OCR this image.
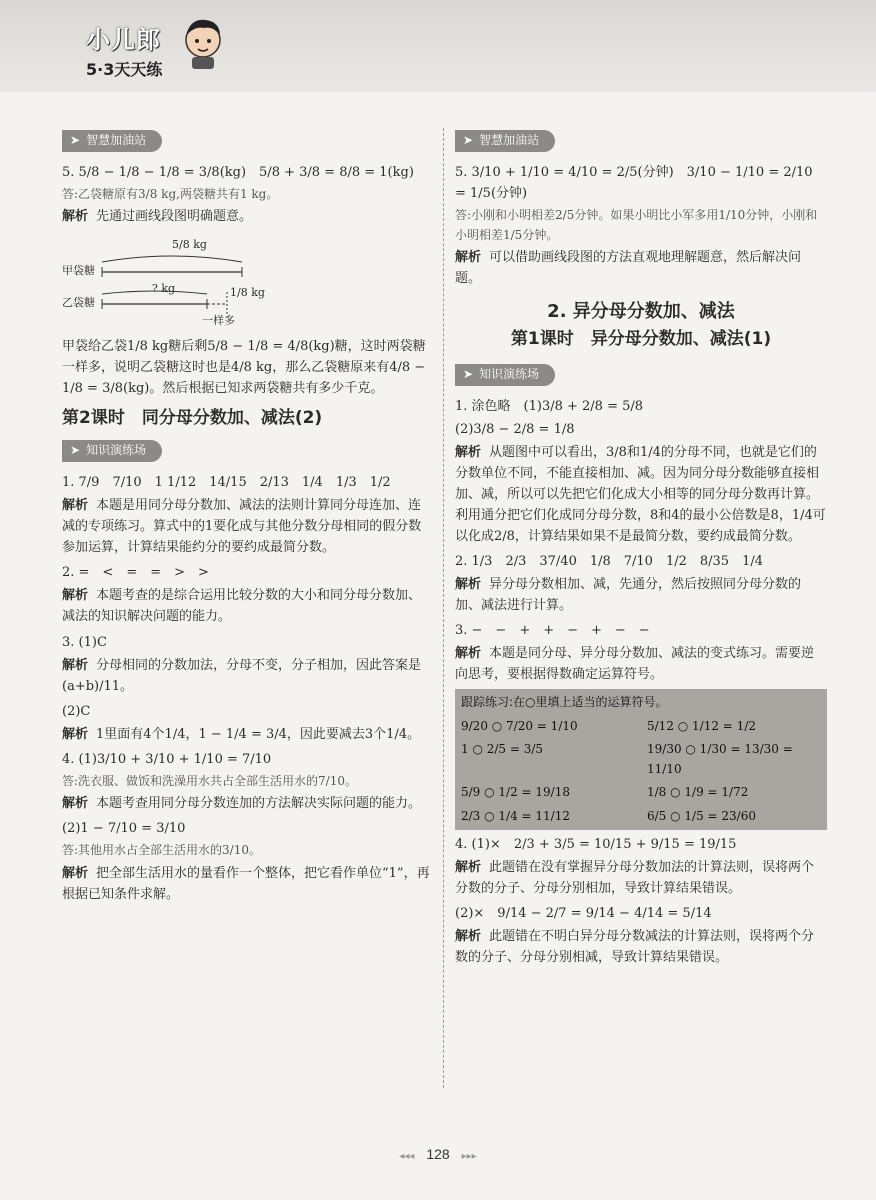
小儿郎
5·3天天练
➤ 智慧加油站
5. 5/8 − 1/8 − 1/8 = 3/8(kg)　5/8 + 3/8 = 8/8 = 1(kg)
答:乙袋糖原有3/8 kg,两袋糖共有1 kg。
解析 先通过画线段图明确题意。
5/8 kg
甲袋糖
乙袋糖
? kg	1/8 kg
一样多
甲袋给乙袋1/8 kg糖后剩5/8 − 1/8 = 4/8(kg)糖，这时两袋糖一样多，说明乙袋糖这时也是4/8 kg，那么乙袋糖原来有4/8 − 1/8 = 3/8(kg)。然后根据已知求两袋糖共有多少千克。
第2课时　同分母分数加、减法(2)
➤ 知识演练场
1. 7/9　7/10　1 1/12　14/15　2/13　1/4　1/3　1/2
解析 本题是用同分母分数加、减法的法则计算同分母连加、连减的专项练习。算式中的1要化成与其他分数分母相同的假分数参加运算，计算结果能约分的要约成最简分数。
2. =　<　=　=　>　>
解析 本题考查的是综合运用比较分数的大小和同分母分数加、减法的知识解决问题的能力。
3. (1)C
解析 分母相同的分数加法，分母不变，分子相加，因此答案是(a+b)/11。
(2)C
解析 1里面有4个1/4，1 − 1/4 = 3/4，因此要减去3个1/4。
4. (1)3/10 + 3/10 + 1/10 = 7/10
答:洗衣服、做饭和洗澡用水共占全部生活用水的7/10。
解析 本题考查用同分母分数连加的方法解决实际问题的能力。
(2)1 − 7/10 = 3/10
答:其他用水占全部生活用水的3/10。
解析 把全部生活用水的量看作一个整体，把它看作单位“1”，再根据已知条件求解。
➤ 智慧加油站
5. 3/10 + 1/10 = 4/10 = 2/5(分钟)　3/10 − 1/10 = 2/10 = 1/5(分钟)
答:小刚和小明相差2/5分钟。如果小明比小军多用1/10分钟，小刚和小明相差1/5分钟。
解析 可以借助画线段图的方法直观地理解题意，然后解决问题。
2. 异分母分数加、减法
第1课时　异分母分数加、减法(1)
➤ 知识演练场
1. 涂色略　(1)3/8 + 2/8 = 5/8
(2)3/8 − 2/8 = 1/8
解析 从题图中可以看出，3/8和1/4的分母不同，也就是它们的分数单位不同，不能直接相加、减。因为同分母分数能够直接相加、减，所以可以先把它们化成大小相等的同分母分数再计算。利用通分把它们化成同分母分数，8和4的最小公倍数是8，1/4可以化成2/8，计算结果如果不是最简分数，要约成最简分数。
2. 1/3　2/3　37/40　1/8　7/10　1/2　8/35　1/4
解析 异分母分数相加、减，先通分，然后按照同分母分数的加、减法进行计算。
3. −　−　+　+　−　+　−　−
解析 本题是同分母、异分母分数加、减法的变式练习。需要逆向思考，要根据得数确定运算符号。
跟踪练习:在○里填上适当的运算符号。
9/20 ○ 7/20 = 1/10	5/12 ○ 1/12 = 1/2
1 ○ 2/5 = 3/5	19/30 ○ 1/30 = 13/30 = 11/10
5/9 ○ 1/2 = 19/18	1/8 ○ 1/9 = 1/72
2/3 ○ 1/4 = 11/12	6/5 ○ 1/5 = 23/60
4. (1)×　2/3 + 3/5 = 10/15 + 9/15 = 19/15
解析 此题错在没有掌握异分母分数加法的计算法则，误将两个分数的分子、分母分别相加，导致计算结果错误。
(2)×　9/14 − 2/7 = 9/14 − 4/14 = 5/14
解析 此题错在不明白异分母分数减法的计算法则，误将两个分数的分子、分母分别相减，导致计算结果错误。
◂◂◂ 128 ▸▸▸
